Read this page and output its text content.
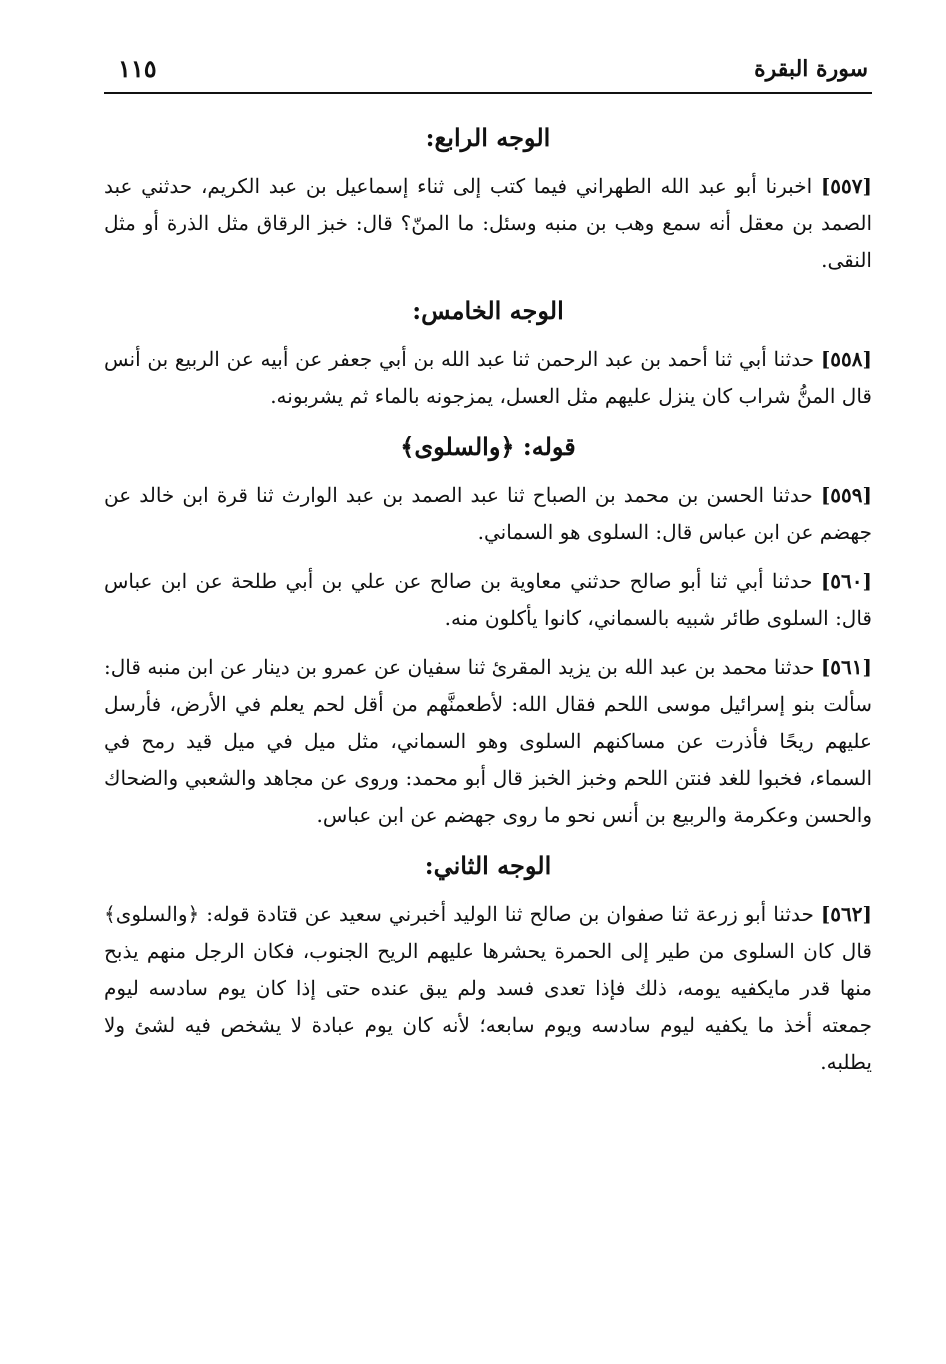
١١٥	سورة البقرة
الوجه الرابع:

[٥٥٧] اخبرنا أبو عبد الله الطهراني فيما كتب إلى ثناء إسماعيل بن عبد الكريم، حدثني عبد الصمد بن معقل أنه سمع وهب بن منبه وسئل: ما المنّ؟ قال: خبز الرقاق مثل الذرة أو مثل النقى.

الوجه الخامس:

[٥٥٨] حدثنا أبي ثنا أحمد بن عبد الرحمن ثنا عبد الله بن أبي جعفر عن أبيه عن الربيع بن أنس قال المنُّ شراب كان ينزل عليهم مثل العسل، يمزجونه بالماء ثم يشربونه.

قوله: ﴿والسلوى﴾

[٥٥٩] حدثنا الحسن بن محمد بن الصباح ثنا عبد الصمد بن عبد الوارث ثنا قرة ابن خالد عن جهضم عن ابن عباس قال: السلوى هو السماني.

[٥٦٠] حدثنا أبي ثنا أبو صالح حدثني معاوية بن صالح عن علي بن أبي طلحة عن ابن عباس قال: السلوى طائر شبيه بالسماني، كانوا يأكلون منه.

[٥٦١] حدثنا محمد بن عبد الله بن يزيد المقرئ ثنا سفيان عن عمرو بن دينار عن ابن منبه قال: سألت بنو إسرائيل موسى اللحم فقال الله: لأطعمنَّهم من أقل لحم يعلم في الأرض، فأرسل عليهم ريحًا فأذرت عن مساكنهم السلوى وهو السماني، مثل ميل في ميل قيد رمح في السماء، فخبوا للغد فنتن اللحم وخبز الخبز قال أبو محمد: وروى عن مجاهد والشعبي والضحاك والحسن وعكرمة والربيع بن أنس نحو ما روى جهضم عن ابن عباس.

الوجه الثاني:

[٥٦٢] حدثنا أبو زرعة ثنا صفوان بن صالح ثنا الوليد أخبرني سعيد عن قتادة قوله: ﴿والسلوى﴾ قال كان السلوى من طير إلى الحمرة يحشرها عليهم الريح الجنوب، فكان الرجل منهم يذبح منها قدر مايكفيه يومه، ذلك فإذا تعدى فسد ولم يبق عنده حتى إذا كان يوم سادسه ليوم جمعته أخذ ما يكفيه ليوم سادسه ويوم سابعه؛ لأنه كان يوم عبادة لا يشخص فيه لشئ ولا يطلبه.
